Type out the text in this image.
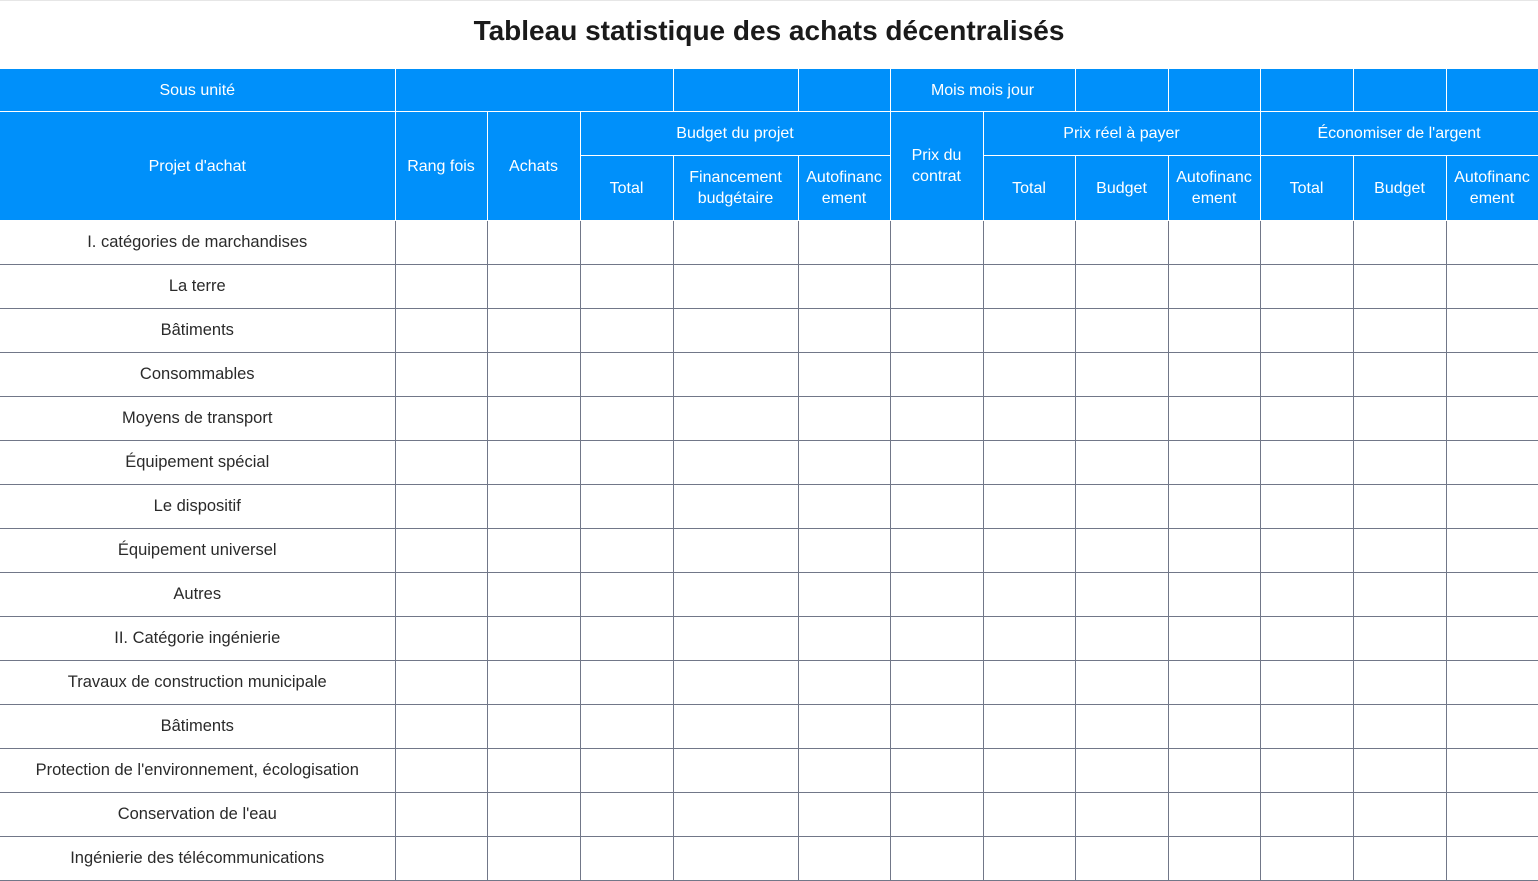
Tableau statistique des achats décentralisés
Sous unité						Mois mois jour							
Projet d'achat	Rang fois	Achats	Budget du projet			Prix du contrat	Prix réel à payer			Économiser de l'argent			
			Total	Financement budgétaire	Autofinancement		Total	Budget	Autofinancement	Total	Budget	Autofinancement	

I. catégories de marchandises													
La terre													
Bâtiments													
Consommables													
Moyens de transport													
Équipement spécial													
Le dispositif													
Équipement universel													
Autres													
II. Catégorie ingénierie													
Travaux de construction municipale													
Bâtiments													
Protection de l'environnement, écologisation													
Conservation de l'eau													
Ingénierie des télécommunications													
